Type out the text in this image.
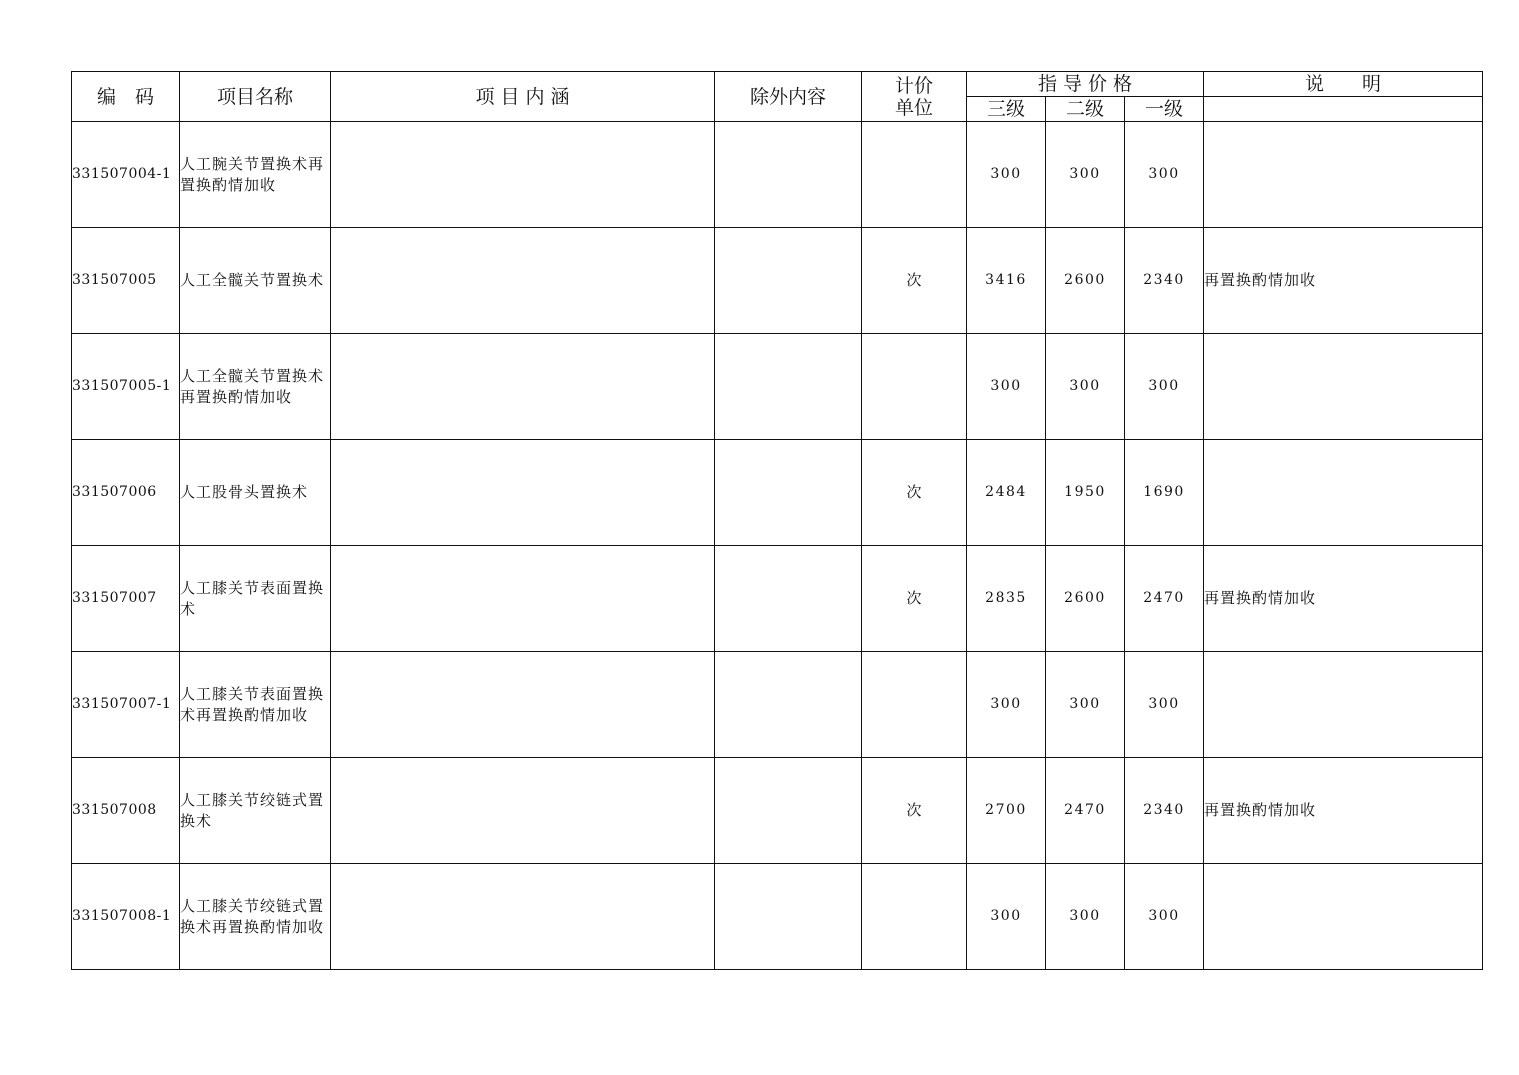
编　码	项目名称	项 目 内 涵	除外内容	计价单位	指 导 价 格			说　　明
					三级	二级	一级	
331507004-1	人工腕关节置换术再置换酌情加收				300	300	300	
331507005	人工全髋关节置换术			次	3416	2600	2340	再置换酌情加收
331507005-1	人工全髋关节置换术再置换酌情加收				300	300	300	
331507006	人工股骨头置换术			次	2484	1950	1690	
331507007	人工膝关节表面置换术			次	2835	2600	2470	再置换酌情加收
331507007-1	人工膝关节表面置换术再置换酌情加收				300	300	300	
331507008	人工膝关节绞链式置换术			次	2700	2470	2340	再置换酌情加收
331507008-1	人工膝关节绞链式置换术再置换酌情加收				300	300	300	
